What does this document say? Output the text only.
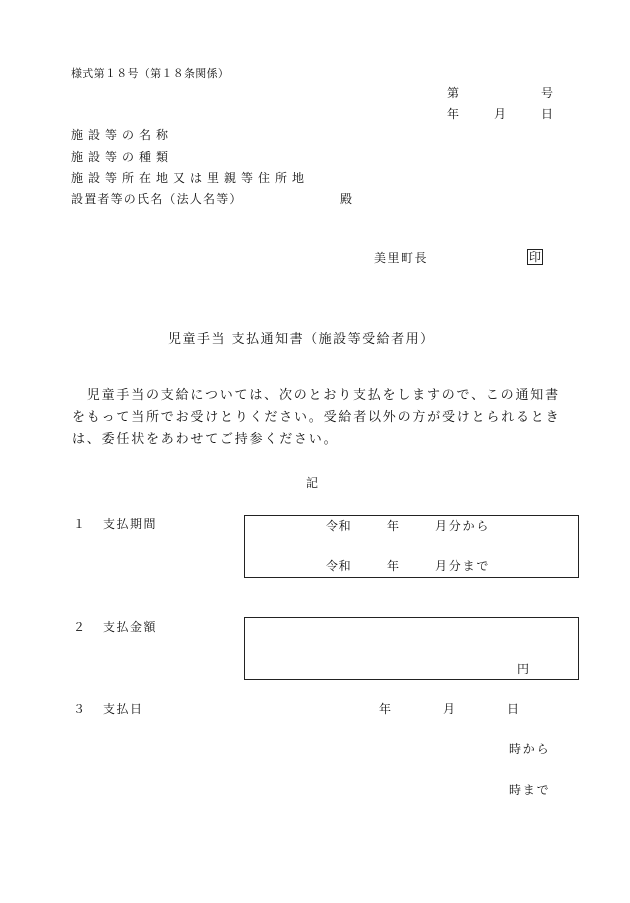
様式第１８号（第１８条関係）
第	号
年	月	日
施設等の名称
施設等の種類
施設等所在地又は里親等住所地
設置者等の氏名（法人名等）	殿
美里町長	印
児童手当 支払通知書（施設等受給者用）
　児童手当の支給については、次のとおり支払をしますので、この通知書をもって当所でお受けとりください。受給者以外の方が受けとられるときは、委任状をあわせてご持参ください。
記
１ 支払期間	令和	年	月分から
令和	年	月分まで
２ 支払金額
円
３ 支払日	年	月	日
時から
時まで
